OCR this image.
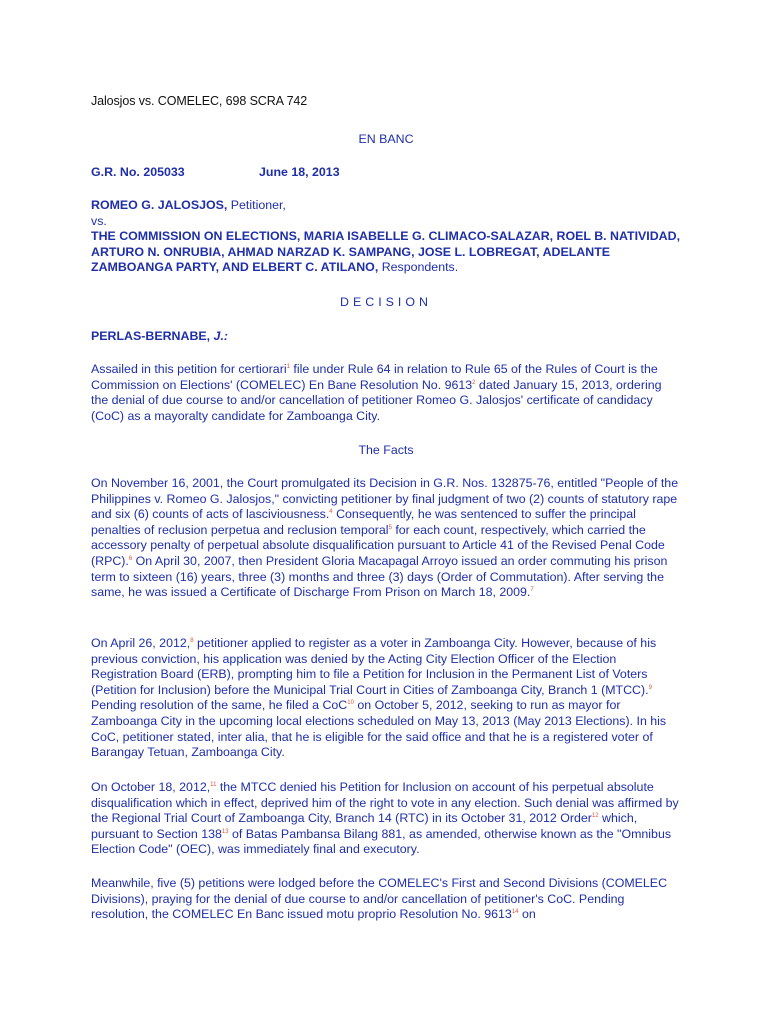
Jalosjos vs. COMELEC, 698 SCRA 742
EN BANC
G.R. No. 205033	June 18, 2013

ROMEO G. JALOSJOS, Petitioner,

vs.

THE COMMISSION ON ELECTIONS, MARIA ISABELLE G. CLIMACO-SALAZAR, ROEL B. NATIVIDAD, ARTURO N. ONRUBIA, AHMAD NARZAD K. SAMPANG, JOSE L. LOBREGAT, ADELANTE ZAMBOANGA PARTY, AND ELBERT C. ATILANO, Respondents.

DECISION
PERLAS-BERNABE, J.:
Assailed in this petition for certiorari$^1$ file under Rule 64 in relation to Rule 65 of the Rules of Court is the Commission on Elections' (COMELEC) En Bane Resolution No. 9613$^2$ dated January 15, 2013, ordering the denial of due course to and/or cancellation of petitioner Romeo G. Jalosjos' certificate of candidacy (CoC) as a mayoralty candidate for Zamboanga City.
The Facts
On November 16, 2001, the Court promulgated its Decision in G.R. Nos. 132875-76, entitled "People of the Philippines v. Romeo G. Jalosjos," convicting petitioner by final judgment of two (2) counts of statutory rape and six (6) counts of acts of lasciviousness.$^4$ Consequently, he was sentenced to suffer the principal penalties of reclusion perpetua and reclusion temporal$^5$ for each count, respectively, which carried the accessory penalty of perpetual absolute disqualification pursuant to Article 41 of the Revised Penal Code (RPC).$^6$ On April 30, 2007, then President Gloria Macapagal Arroyo issued an order commuting his prison term to sixteen (16) years, three (3) months and three (3) days (Order of Commutation). After serving the same, he was issued a Certificate of Discharge From Prison on March 18, 2009.$^7$
On April 26, 2012,$^8$ petitioner applied to register as a voter in Zamboanga City. However, because of his previous conviction, his application was denied by the Acting City Election Officer of the Election Registration Board (ERB), prompting him to file a Petition for Inclusion in the Permanent List of Voters (Petition for Inclusion) before the Municipal Trial Court in Cities of Zamboanga City, Branch 1 (MTCC).$^9$ Pending resolution of the same, he filed a CoC$^{10}$ on October 5, 2012, seeking to run as mayor for Zamboanga City in the upcoming local elections scheduled on May 13, 2013 (May 2013 Elections). In his CoC, petitioner stated, inter alia, that he is eligible for the said office and that he is a registered voter of Barangay Tetuan, Zamboanga City.
On October 18, 2012,11 the MTCC denied his Petition for Inclusion on account of his perpetual absolute disqualification which in effect, deprived him of the right to vote in any election. Such denial was affirmed by the Regional Trial Court of Zamboanga City, Branch 14 (RTC) in its October 31, 2012 Order$^{12}$ which, pursuant to Section $138^{13}$ of Batas Pambansa Bilang 881, as amended, otherwise known as the "Omnibus Election Code" (OEC), was immediately final and executory.
Meanwhile, five (5) petitions were lodged before the COMELEC's First and Second Divisions (COMELEC Divisions), praying for the denial of due course to and/or cancellation of petitioner's CoC. Pending resolution, the COMELEC En Banc issued motu proprio Resolution No. 9613$^{14}$ on
